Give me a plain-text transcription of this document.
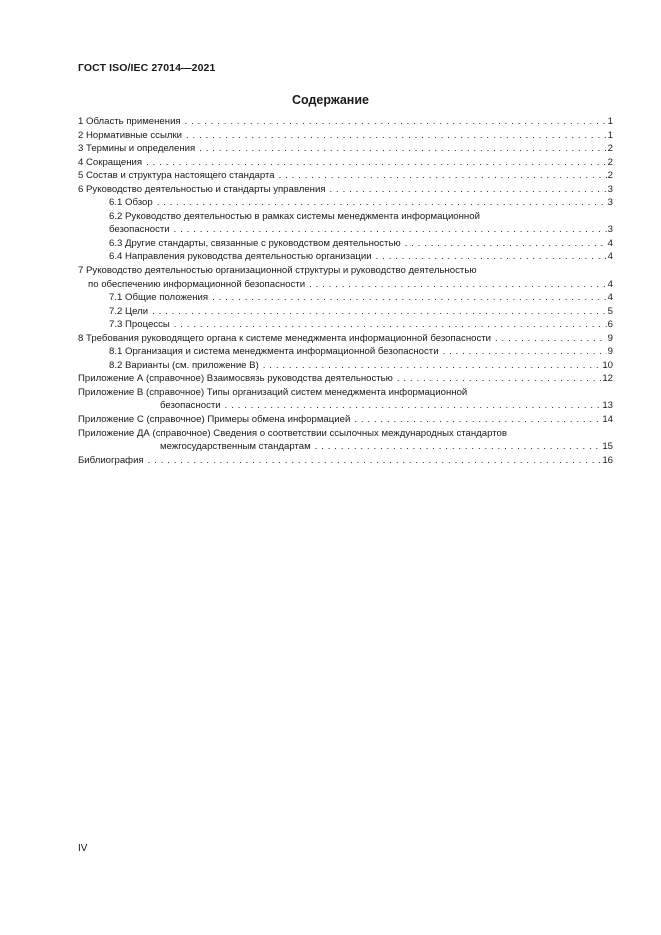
ГОСТ ISO/IEC 27014—2021
Содержание
1 Область применения . . .	1
2 Нормативные ссылки . . .	1
3 Термины и определения . . .	2
4 Сокращения . . .	2
5 Состав и структура настоящего стандарта . . .	2
6 Руководство деятельностью и стандарты управления . . .	3
6.1 Обзор . . .	3
6.2 Руководство деятельностью в рамках системы менеджмента информационной
безопасности . . .	3
6.3 Другие стандарты, связанные с руководством деятельностью . . .	4
6.4 Направления руководства деятельностью организации . . .	4
7 Руководство деятельностью организационной структуры и руководство деятельностью
по обеспечению информационной безопасности . . .	4
7.1 Общие положения . . .	4
7.2 Цели . . .	5
7.3 Процессы . . .	6
8 Требования руководящего органа к системе менеджмента информационной безопасности . . .	9
8.1 Организация и система менеджмента информационной безопасности . . .	9
8.2 Варианты (см. приложение В) . . .	10
Приложение А (справочное) Взаимосвязь руководства деятельностью . . .	12
Приложение В (справочное) Типы организаций систем менеджмента информационной
безопасности . . .	13
Приложение С (справочное) Примеры обмена информацией . . .	14
Приложение ДА (справочное) Сведения о соответствии ссылочных международных стандартов
межгосударственным стандартам . . .	15
Библиография . . .	16
IV
